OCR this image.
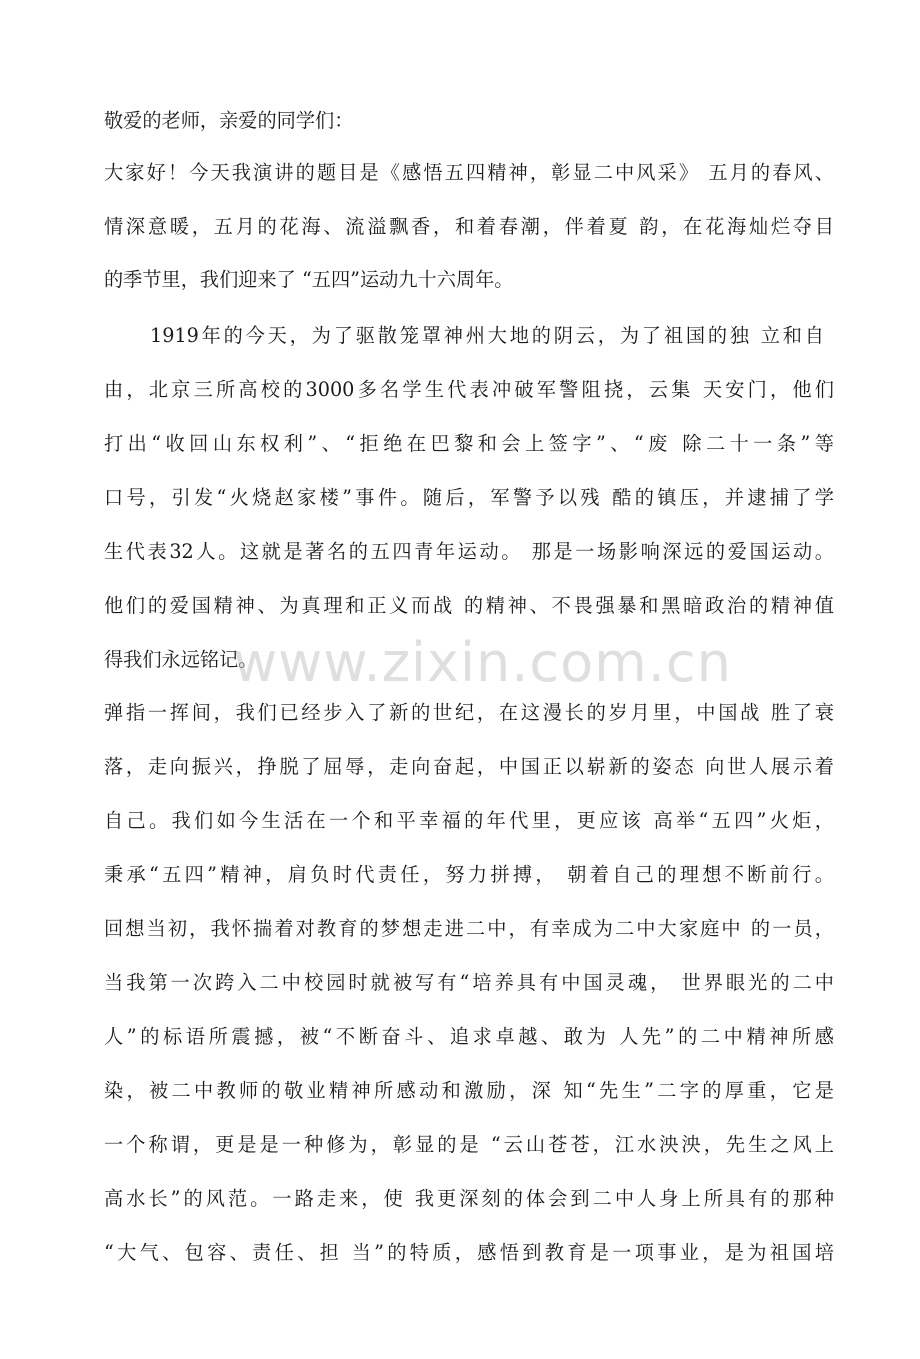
敬爱的老师，亲爱的同学们：
大家好！今天我演讲的题目是《感悟五四精神，彰显二中风采》 五月的春风、
情深意暖，五月的花海、流溢飘香，和着春潮，伴着夏 韵，在花海灿烂夺目
的季节里，我们迎来了 “五四”运动九十六周年。
1919年的今天，为了驱散笼罩神州大地的阴云，为了祖国的独 立和自
由，北京三所高校的3000多名学生代表冲破军警阻挠，云集 天安门，他们
打出“收回山东权利”、“拒绝在巴黎和会上签字”、“废 除二十一条”等
口号，引发“火烧赵家楼”事件。随后，军警予以残 酷的镇压，并逮捕了学
生代表32人。这就是著名的五四青年运动。 那是一场影响深远的爱国运动。
他们的爱国精神、为真理和正义而战 的精神、不畏强暴和黑暗政治的精神值
得我们永远铭记。
弹指一挥间，我们已经步入了新的世纪，在这漫长的岁月里，中国战 胜了衰
落，走向振兴，挣脱了屈辱，走向奋起，中国正以崭新的姿态 向世人展示着
自己。我们如今生活在一个和平幸福的年代里，更应该 高举“五四”火炬，
秉承“五四”精神，肩负时代责任，努力拼搏， 朝着自己的理想不断前行。
回想当初，我怀揣着对教育的梦想走进二中，有幸成为二中大家庭中 的一员，
当我第一次跨入二中校园时就被写有“培养具有中国灵魂， 世界眼光的二中
人”的标语所震撼，被“不断奋斗、追求卓越、敢为 人先”的二中精神所感
染，被二中教师的敬业精神所感动和激励，深 知“先生”二字的厚重，它是
一个称谓，更是是一种修为，彰显的是 “云山苍苍，江水泱泱，先生之风上
高水长”的风范。一路走来，使 我更深刻的体会到二中人身上所具有的那种
“大气、包容、责任、担 当”的特质，感悟到教育是一项事业，是为祖国培
www.zixin.com.cn
